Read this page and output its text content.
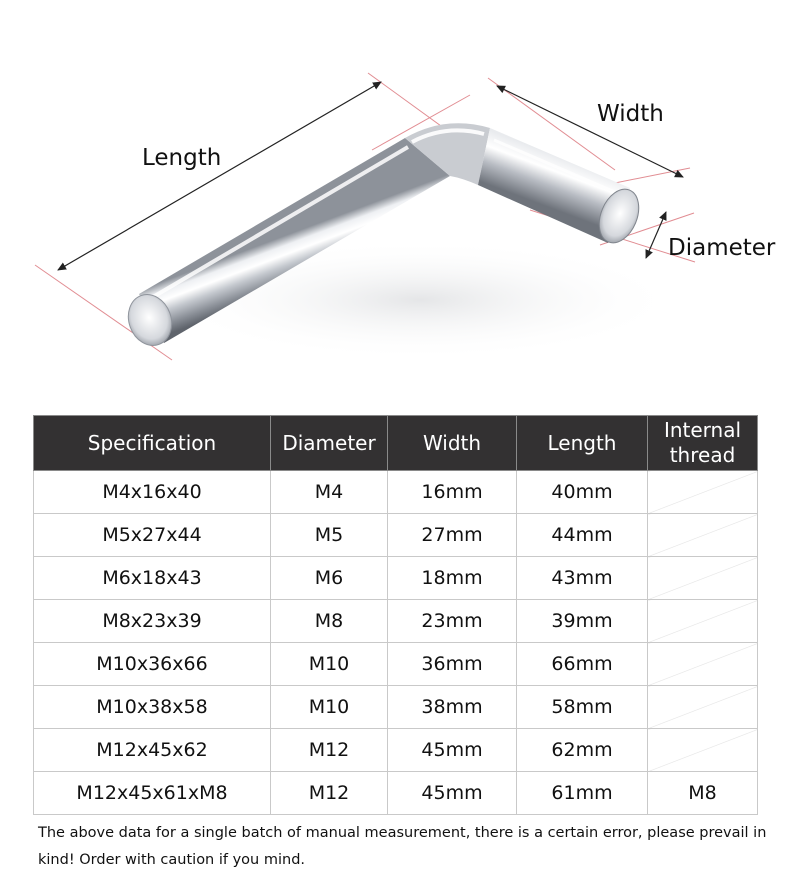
Length
Width
Diameter
Specification	Diameter	Width	Length	Internal thread
M4x16x40	M4	16mm	40mm	
M5x27x44	M5	27mm	44mm	
M6x18x43	M6	18mm	43mm	
M8x23x39	M8	23mm	39mm	
M10x36x66	M10	36mm	66mm	
M10x38x58	M10	38mm	58mm	
M12x45x62	M12	45mm	62mm	
M12x45x61xM8	M12	45mm	61mm	M8
The above data for a single batch of manual measurement, there is a certain error, please prevail in kind! Order with caution if you mind.
